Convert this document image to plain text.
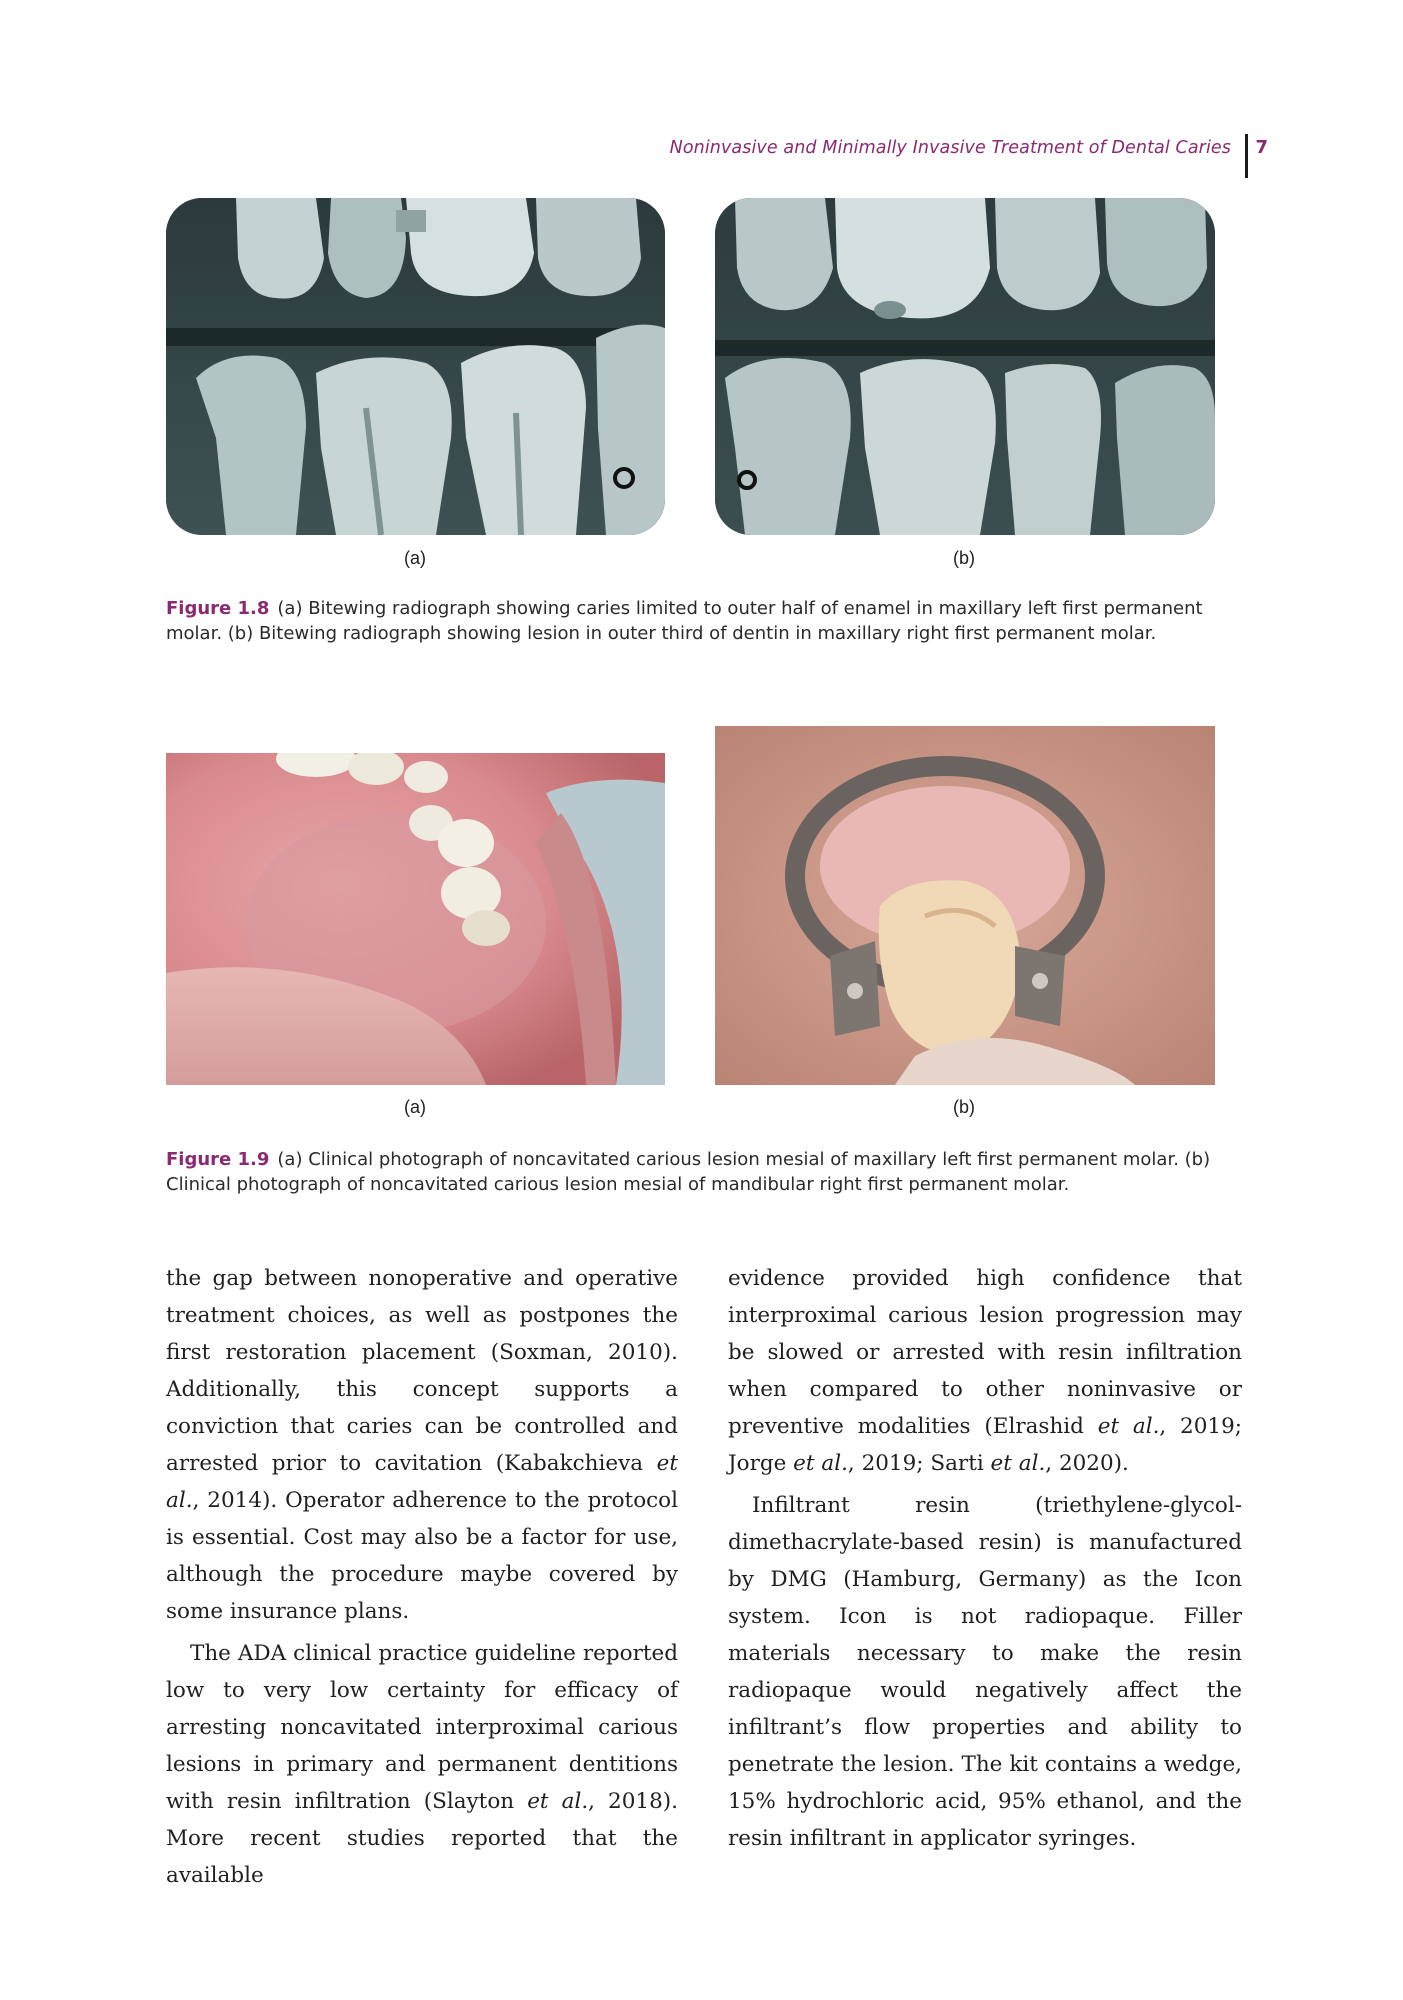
Noninvasive and Minimally Invasive Treatment of Dental Caries 7
(a)	(b)
Figure 1.8 (a) Bitewing radiograph showing caries limited to outer half of enamel in maxillary left first permanent molar. (b) Bitewing radiograph showing lesion in outer third of dentin in maxillary right first permanent molar.
(a)	(b)
Figure 1.9 (a) Clinical photograph of noncavitated carious lesion mesial of maxillary left first permanent molar. (b) Clinical photograph of noncavitated carious lesion mesial of mandibular right first permanent molar.

the gap between nonoperative and operative treatment choices, as well as postpones the first restoration placement (Soxman, 2010). Additionally, this concept supports a conviction that caries can be controlled and arrested prior to cavitation (Kabakchieva et al., 2014). Operator adherence to the protocol is essential. Cost may also be a factor for use, although the procedure maybe covered by some insurance plans.

The ADA clinical practice guideline reported low to very low certainty for efficacy of arresting noncavitated interproximal carious lesions in primary and permanent dentitions with resin infiltration (Slayton et al., 2018). More recent studies reported that the available

evidence provided high confidence that interproximal carious lesion progression may be slowed or arrested with resin infiltration when compared to other noninvasive or preventive modalities (Elrashid et al., 2019; Jorge et al., 2019; Sarti et al., 2020).

Infiltrant resin (triethylene-glycol-dimethacrylate-based resin) is manufactured by DMG (Hamburg, Germany) as the Icon system. Icon is not radiopaque. Filler materials necessary to make the resin radiopaque would negatively affect the infiltrant’s flow properties and ability to penetrate the lesion. The kit contains a wedge, 15% hydrochloric acid, 95% ethanol, and the resin infiltrant in applicator syringes.
